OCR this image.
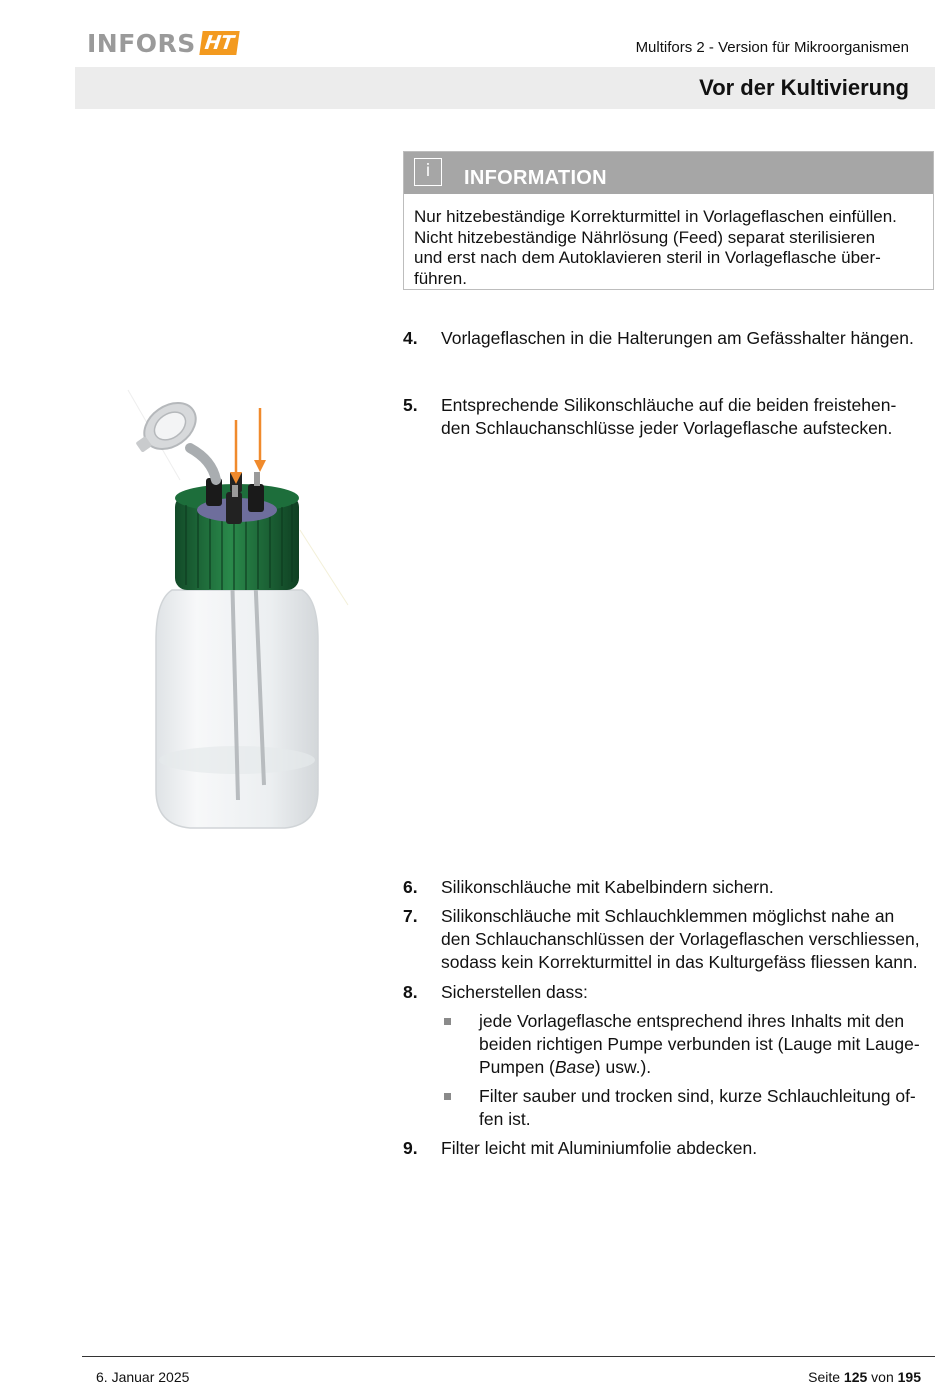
INFORS HT	Multifors 2 - Version für Mikroorganismen
Vor der Kultivierung
i	INFORMATION
Nur hitzebeständige Korrekturmittel in Vorlageflaschen einfüllen.
Nicht hitzebeständige Nährlösung (Feed) separat sterilisieren
und erst nach dem Autoklavieren steril in Vorlageflasche über-
führen.
4. Vorlageflaschen in die Halterungen am Gefässhalter hängen.
5. Entsprechende Silikonschläuche auf die beiden freistehen-
den Schlauchanschlüsse jeder Vorlageflasche aufstecken.
6. Silikonschläuche mit Kabelbindern sichern.
7. Silikonschläuche mit Schlauchklemmen möglichst nahe an
den Schlauchanschlüssen der Vorlageflaschen verschliessen,
sodass kein Korrekturmittel in das Kulturgefäss fliessen kann.
8. Sicherstellen dass:
jede Vorlageflasche entsprechend ihres Inhalts mit den
beiden richtigen Pumpe verbunden ist (Lauge mit Lauge-
Pumpen (Base) usw.).
Filter sauber und trocken sind, kurze Schlauchleitung of-
fen ist.
9. Filter leicht mit Aluminiumfolie abdecken.
6. Januar 2025	Seite 125 von 195
